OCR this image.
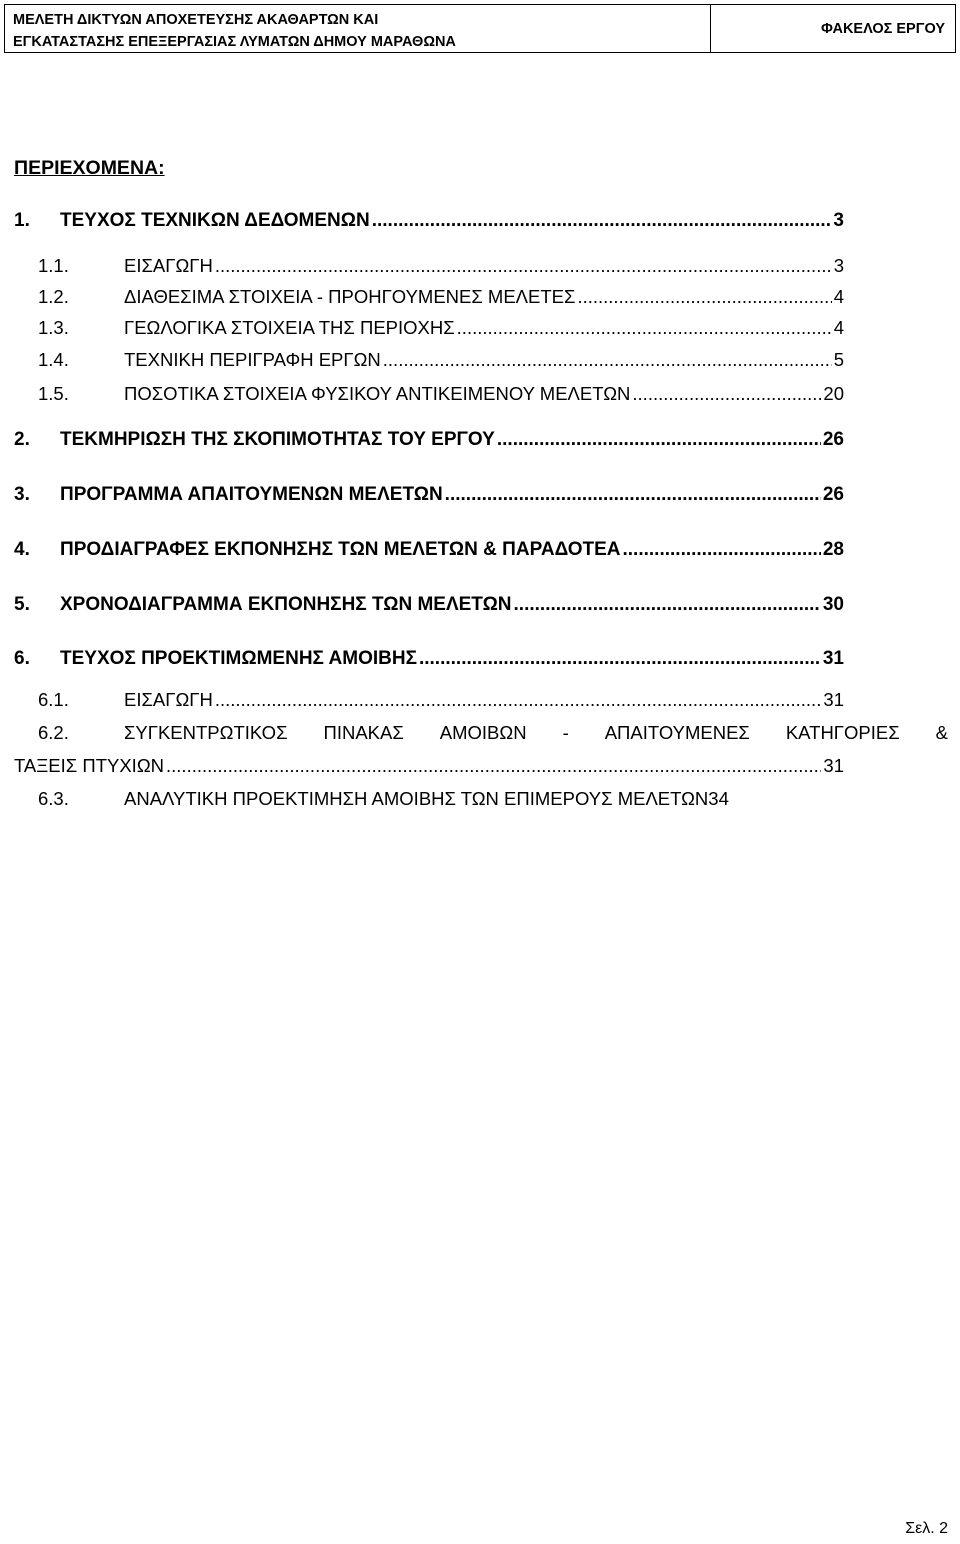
ΜΕΛΕΤΗ ΔΙΚΤΥΩΝ ΑΠΟΧΕΤΕΥΣΗΣ ΑΚΑΘΑΡΤΩΝ ΚΑΙ
ΕΓΚΑΤΑΣΤΑΣΗΣ ΕΠΕΞΕΡΓΑΣΙΑΣ ΛΥΜΑΤΩΝ ΔΗΜΟΥ ΜΑΡΑΘΩΝΑ
ΦΑΚΕΛΟΣ ΕΡΓΟΥ
ΠΕΡΙΕΧΟΜΕΝΑ:
1.	ΤΕΥΧΟΣ ΤΕΧΝΙΚΩΝ ΔΕΔΟΜΕΝΩΝ .....	3
1.1.	ΕΙΣΑΓΩΓΗ .....	3
1.2.	ΔΙΑΘΕΣΙΜΑ ΣΤΟΙΧΕΙΑ - ΠΡΟΗΓΟΥΜΕΝΕΣ ΜΕΛΕΤΕΣ .....	4
1.3.	ΓΕΩΛΟΓΙΚΑ ΣΤΟΙΧΕΙΑ ΤΗΣ ΠΕΡΙΟΧΗΣ .....	4
1.4.	ΤΕΧΝΙΚΗ ΠΕΡΙΓΡΑΦΗ ΕΡΓΩΝ .....	5
1.5.	ΠΟΣΟΤΙΚΑ ΣΤΟΙΧΕΙΑ ΦΥΣΙΚΟΥ ΑΝΤΙΚΕΙΜΕΝΟΥ ΜΕΛΕΤΩΝ .....	20
2.	ΤΕΚΜΗΡΙΩΣΗ ΤΗΣ ΣΚΟΠΙΜΟΤΗΤΑΣ ΤΟΥ ΕΡΓΟΥ .....	26
3.	ΠΡΟΓΡΑΜΜΑ ΑΠΑΙΤΟΥΜΕΝΩΝ ΜΕΛΕΤΩΝ .....	26
4.	ΠΡΟΔΙΑΓΡΑΦΕΣ ΕΚΠΟΝΗΣΗΣ ΤΩΝ ΜΕΛΕΤΩΝ & ΠΑΡΑΔΟΤΕΑ .....	28
5.	ΧΡΟΝΟΔΙΑΓΡΑΜΜΑ ΕΚΠΟΝΗΣΗΣ ΤΩΝ ΜΕΛΕΤΩΝ .....	30
6.	ΤΕΥΧΟΣ ΠΡΟΕΚΤΙΜΩΜΕΝΗΣ ΑΜΟΙΒΗΣ .....	31
6.1.	ΕΙΣΑΓΩΓΗ .....	31
6.2.	ΣΥΓΚΕΝΤΡΩΤΙΚΟΣ ΠΙΝΑΚΑΣ ΑΜΟΙΒΩΝ - ΑΠΑΙΤΟΥΜΕΝΕΣ ΚΑΤΗΓΟΡΙΕΣ &
ΤΑΞΕΙΣ ΠΤΥΧΙΩΝ .....	31
6.3.	ΑΝΑΛΥΤΙΚΗ ΠΡΟΕΚΤΙΜΗΣΗ ΑΜΟΙΒΗΣ ΤΩΝ ΕΠΙΜΕΡΟΥΣ ΜΕΛΕΤΩΝ 34
Σελ. 2
